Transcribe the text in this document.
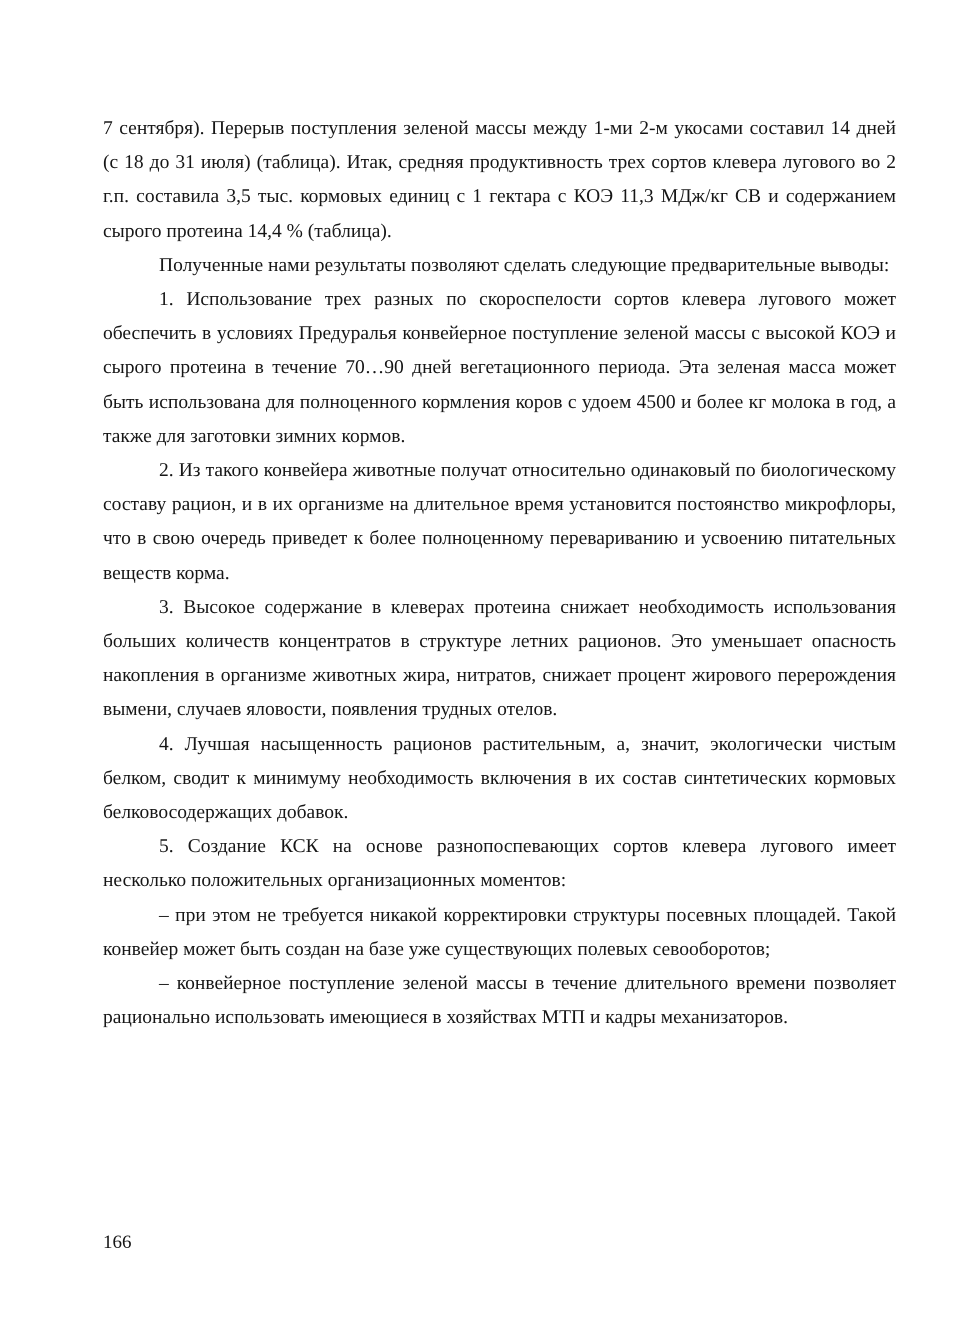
7 сентября). Перерыв поступления зеленой массы между 1-ми 2-м укосами составил 14 дней (с 18 до 31 июля) (таблица). Итак, средняя продуктивность трех сортов клевера лугового во 2 г.п. составила 3,5 тыс. кормовых единиц с 1 гектара с КОЭ 11,3 МДж/кг СВ и содержанием сырого протеина 14,4 % (таблица).

Полученные нами результаты позволяют сделать следующие предварительные выводы:

1. Использование трех разных по скороспелости сортов клевера лугового может обеспечить в условиях Предуралья конвейерное поступление зеленой массы с высокой КОЭ и сырого протеина в течение 70…90 дней вегетационного периода. Эта зеленая масса может быть использована для полноценного кормления коров с удоем 4500 и более кг молока в год, а также для заготовки зимних кормов.

2. Из такого конвейера животные получат относительно одинаковый по биологическому составу рацион, и в их организме на длительное время установится постоянство микрофлоры, что в свою очередь приведет к более полноценному перевариванию и усвоению питательных веществ корма.

3. Высокое содержание в клеверах протеина снижает необходимость использования больших количеств концентратов в структуре летних рационов. Это уменьшает опасность накопления в организме животных жира, нитратов, снижает процент жирового перерождения вымени, случаев яловости, появления трудных отелов.

4. Лучшая насыщенность рационов растительным, а, значит, экологически чистым белком, сводит к минимуму необходимость включения в их состав синтетических кормовых белковосодержащих добавок.

5. Создание КСК на основе разнопоспевающих сортов клевера лугового имеет несколько положительных организационных моментов:

– при этом не требуется никакой корректировки структуры посевных площадей. Такой конвейер может быть создан на базе уже существующих полевых севооборотов;

– конвейерное поступление зеленой массы в течение длительного времени позволяет рационально использовать имеющиеся в хозяйствах МТП и кадры механизаторов.

166
